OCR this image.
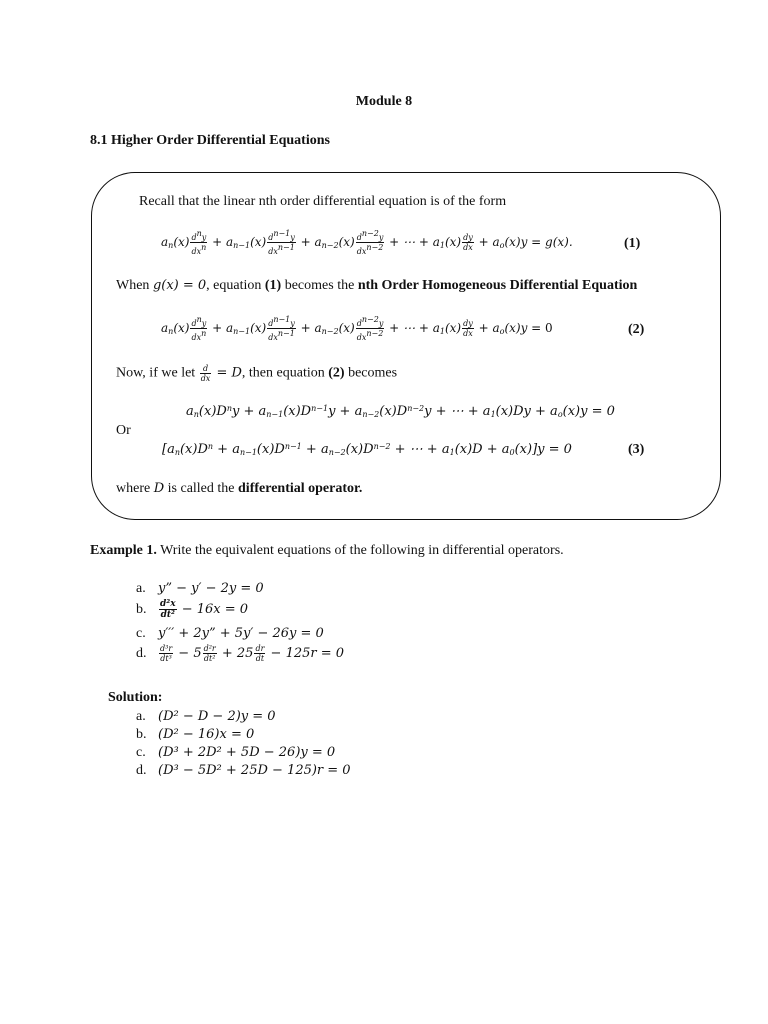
Module 8
8.1 Higher Order Differential Equations
Recall that the linear nth order differential equation is of the form
$a_n(x) \frac{d^ny}{dx^n} + a_{n-1}(x) \frac{d^{n-1}y}{dx^{n-1}} + a_{n-2}(x) \frac{d^{n-2}y}{dx^{n-2}}$ + ⋯ + $a_1(x) \frac{dy}{dx} + a_o(x)y = g(x)$.	(1)
When g(x) = 0, equation (1) becomes the nth Order Homogeneous Differential Equation
$a_n(x) \frac{d^ny}{dx^n} + a_{n-1}(x) \frac{d^{n-1}y}{dx^{n-1}} + a_{n-2}(x) \frac{d^{n-2}y}{dx^{n-2}}$ + ⋯ + $a_1(x) \frac{dy}{dx} + a_o(x)y = 0$	(2)
Now, if we let $\frac{d}{dx} = D$, then equation (2) becomes
$a_n(x)D^ny + a_{n-1}(x)D^{n-1}y + a_{n-2}(x)D^{n-2}y$ + ⋯ + $a_1(x)Dy + a_o(x)y = 0$
Or
[$a_n(x)D^n + a_{n-1}(x)D^{n-1} + a_{n-2}(x)D^{n-2}$ + ⋯ + $a_1(x)D + a_0(x)]y = 0$	(3)
where D is called the differential operator.
Example 1. Write the equivalent equations of the following in differential operators.
a. y” − y′ − 2y = 0
b. $\frac{\text{d²x}}{\text{dt²}} - 16x = 0$
c. y′′′ + 2y” + 5y′ − 26y = 0
d. $\frac{\text{d³r}}{\text{dt³}} - 5 \frac{\text{d²r}}{\text{dt²}} + 25 \frac{dr}{dt} - 125r = 0$
Solution:
a. (D² − D − 2)y = 0
b. (D² − 16)x = 0
c. (D³ + 2D² + 5D − 26)y = 0
d. (D³ − 5D² + 25D − 125)r = 0
